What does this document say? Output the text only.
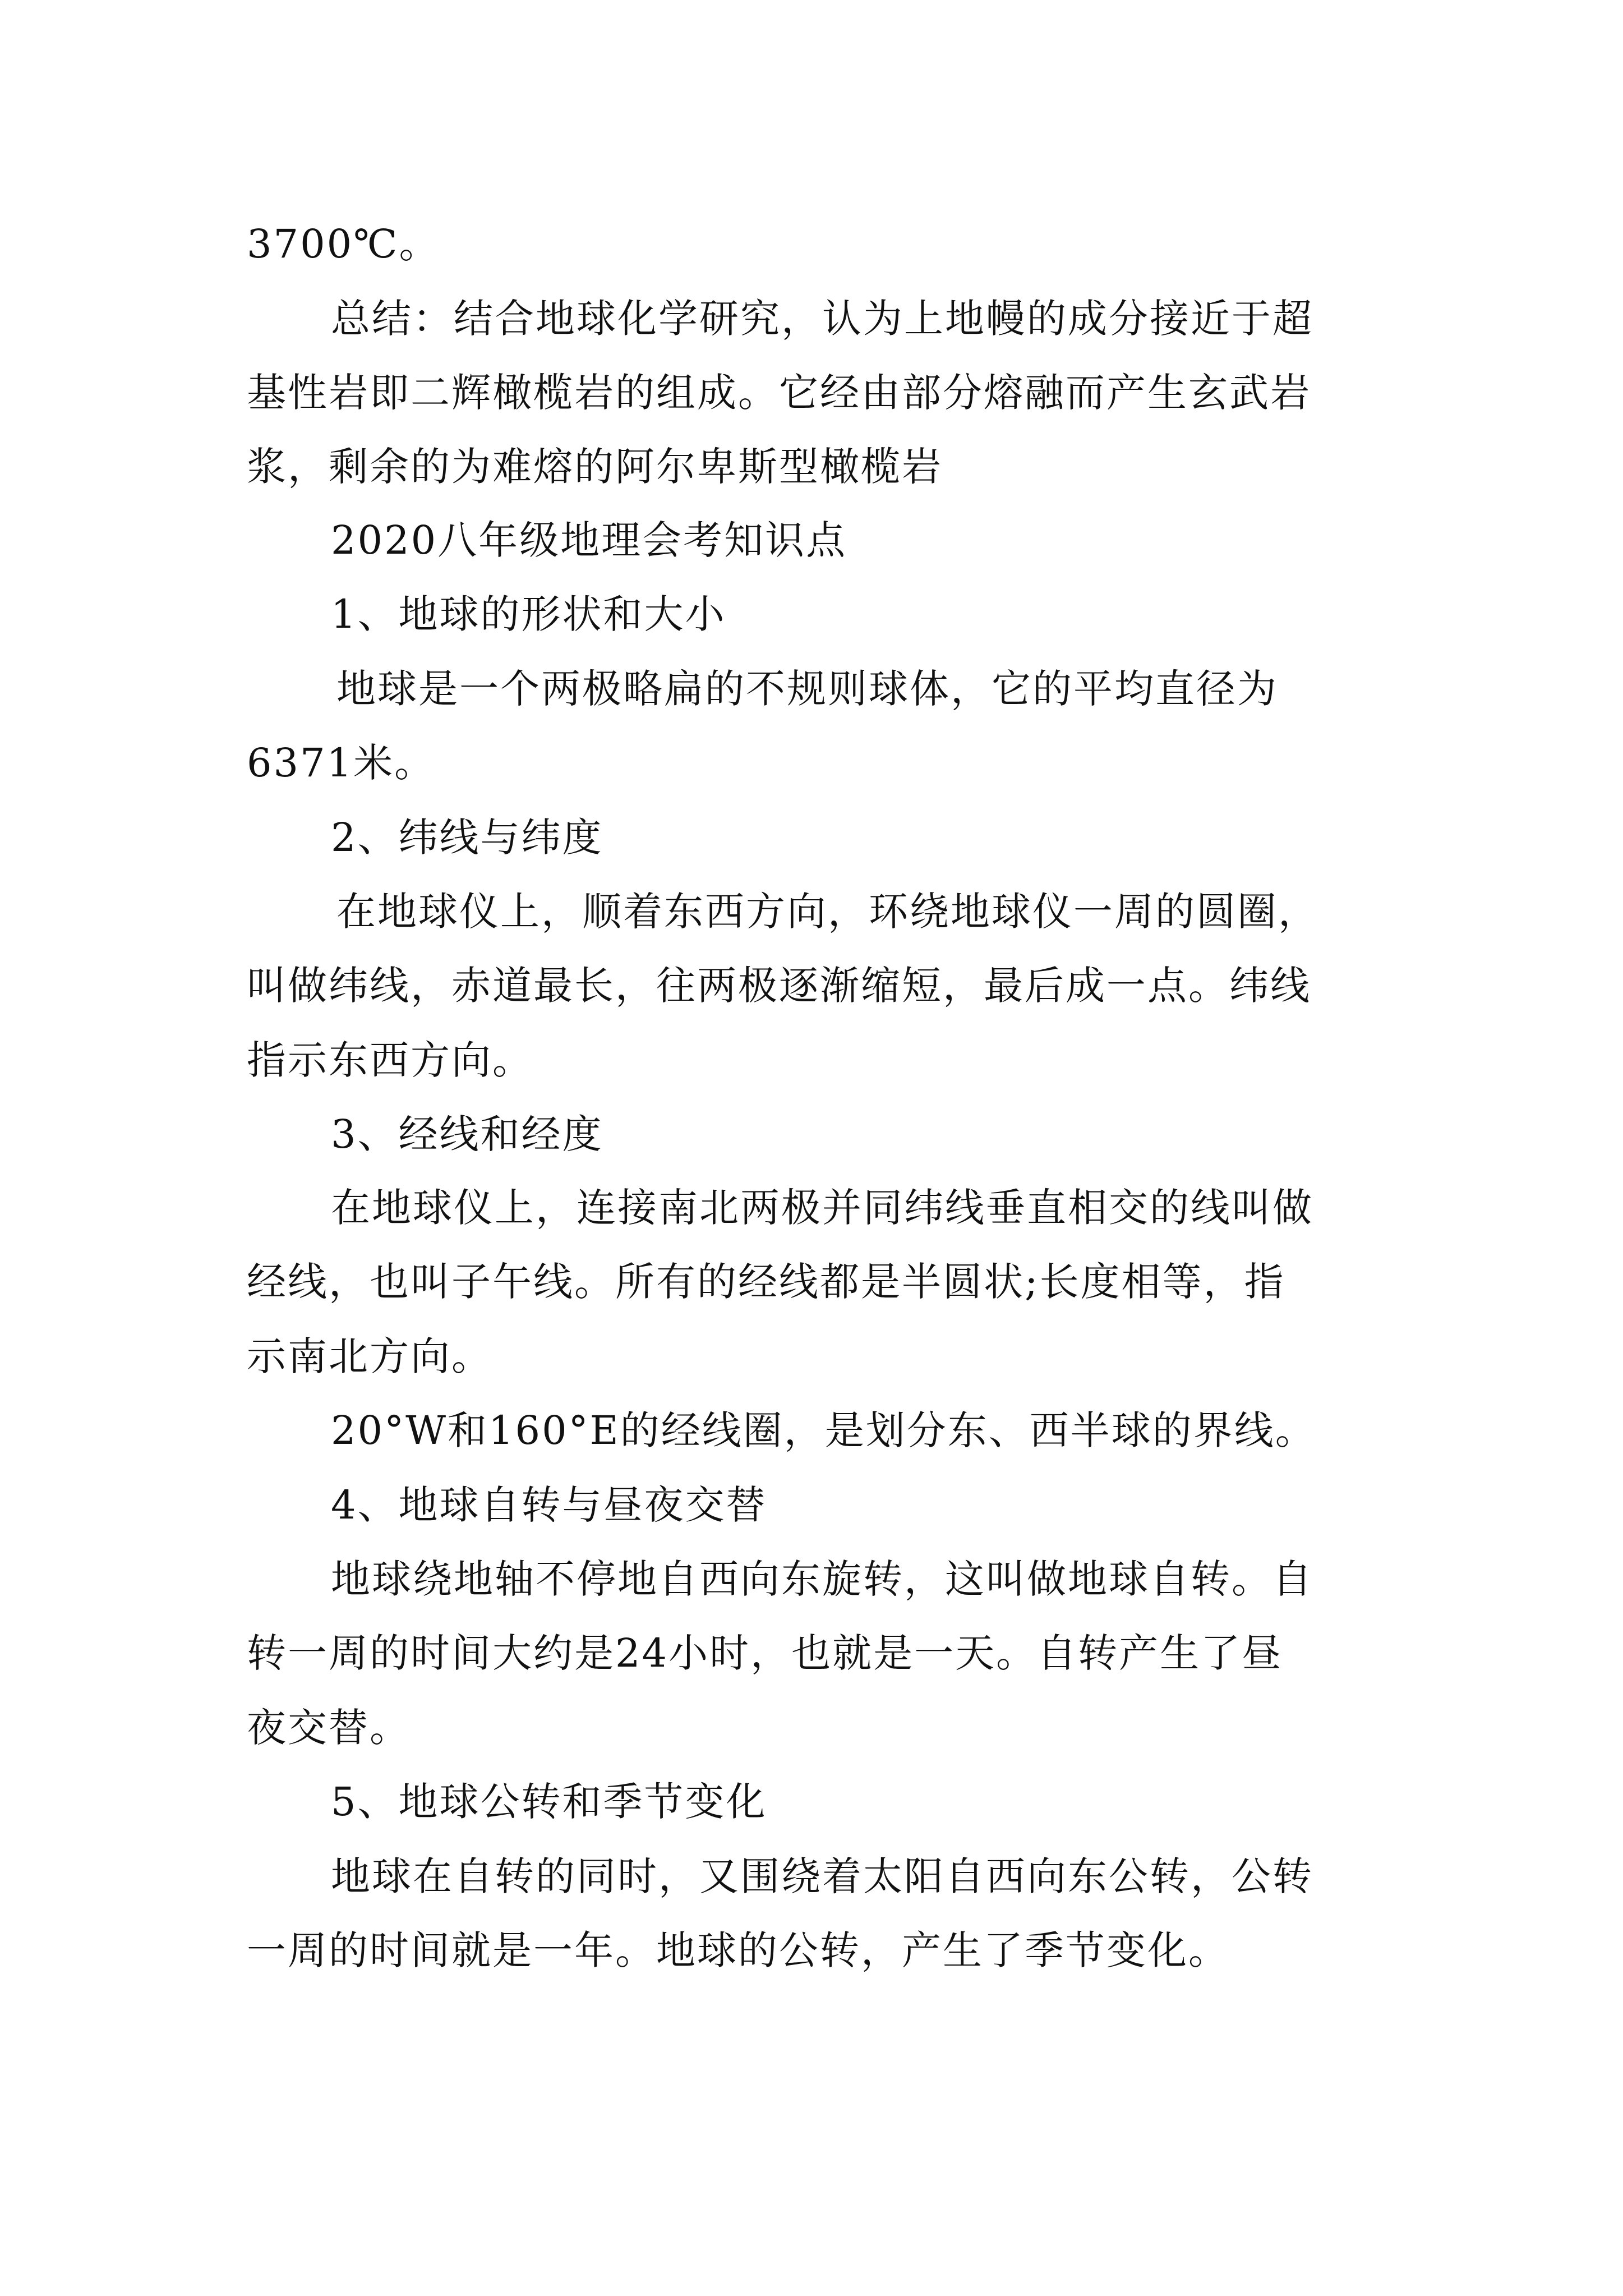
3700℃。

总结：结合地球化学研究，认为上地幔的成分接近于超

基性岩即二辉橄榄岩的组成。它经由部分熔融而产生玄武岩

浆，剩余的为难熔的阿尔卑斯型橄榄岩

2020八年级地理会考知识点

1、地球的形状和大小

地球是一个两极略扁的不规则球体，它的平均直径为

6371米。

2、纬线与纬度

在地球仪上，顺着东西方向，环绕地球仪一周的圆圈，

叫做纬线，赤道最长，往两极逐渐缩短，最后成一点。纬线

指示东西方向。

3、经线和经度

在地球仪上，连接南北两极并同纬线垂直相交的线叫做

经线，也叫子午线。所有的经线都是半圆状;长度相等，指

示南北方向。

20°W和160°E的经线圈，是划分东、西半球的界线。

4、地球自转与昼夜交替

地球绕地轴不停地自西向东旋转，这叫做地球自转。自

转一周的时间大约是24小时，也就是一天。自转产生了昼

夜交替。

5、地球公转和季节变化

地球在自转的同时，又围绕着太阳自西向东公转，公转

一周的时间就是一年。地球的公转，产生了季节变化。
